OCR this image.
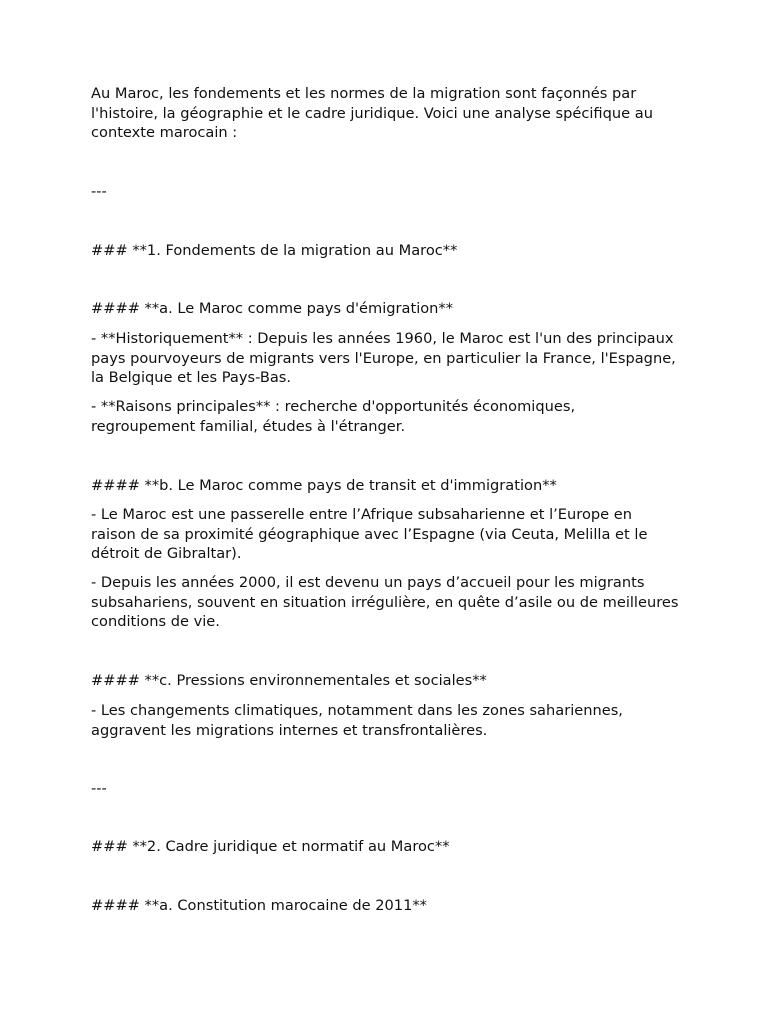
Au Maroc, les fondements et les normes de la migration sont façonnés par l'histoire, la géographie et le cadre juridique. Voici une analyse spécifique au contexte marocain :

---

### **1. Fondements de la migration au Maroc**

#### **a. Le Maroc comme pays d'émigration**

- **Historiquement** : Depuis les années 1960, le Maroc est l'un des principaux pays pourvoyeurs de migrants vers l'Europe, en particulier la France, l'Espagne, la Belgique et les Pays-Bas.

- **Raisons principales** : recherche d'opportunités économiques, regroupement familial, études à l'étranger.

#### **b. Le Maroc comme pays de transit et d'immigration**

- Le Maroc est une passerelle entre l’Afrique subsaharienne et l’Europe en raison de sa proximité géographique avec l’Espagne (via Ceuta, Melilla et le détroit de Gibraltar).

- Depuis les années 2000, il est devenu un pays d’accueil pour les migrants subsahariens, souvent en situation irrégulière, en quête d’asile ou de meilleures conditions de vie.

#### **c. Pressions environnementales et sociales**

- Les changements climatiques, notamment dans les zones sahariennes, aggravent les migrations internes et transfrontalières.

---

### **2. Cadre juridique et normatif au Maroc**

#### **a. Constitution marocaine de 2011**
